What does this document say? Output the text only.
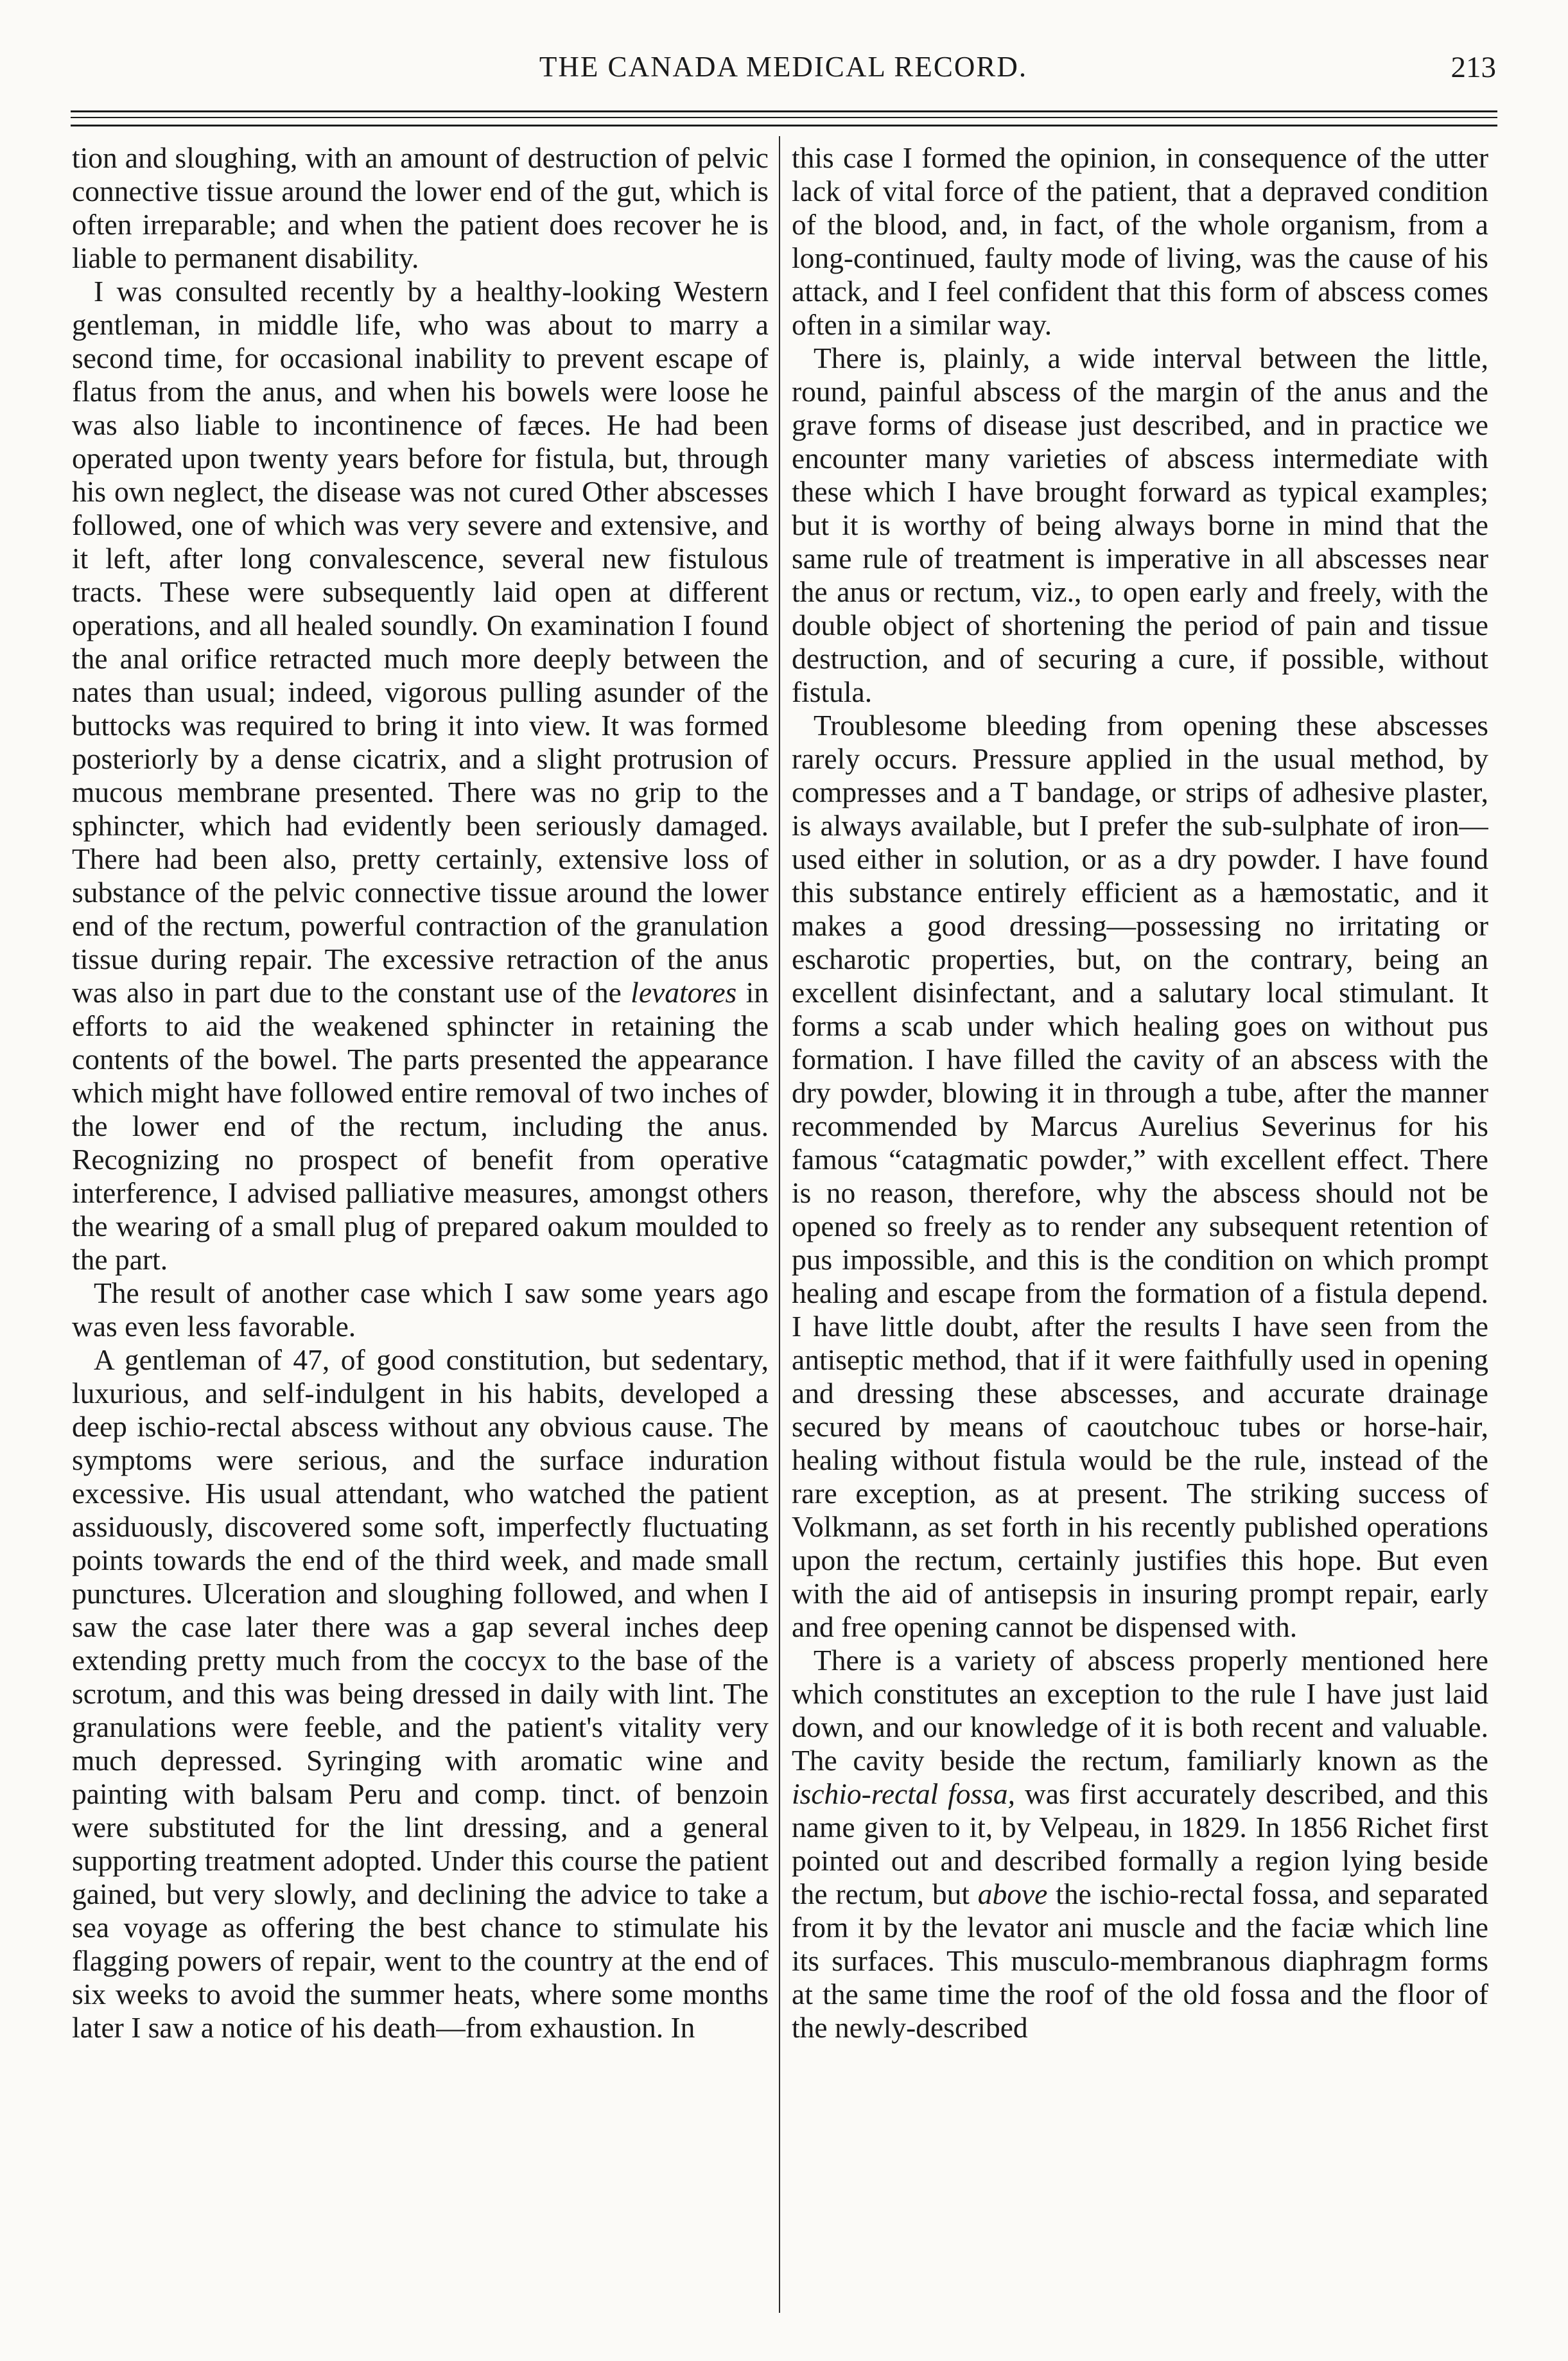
THE CANADA MEDICAL RECORD.	213

tion and sloughing, with an amount of destruction of pelvic connective tissue around the lower end of the gut, which is often irreparable; and when the patient does recover he is liable to permanent disability.

I was consulted recently by a healthy-looking Western gentleman, in middle life, who was about to marry a second time, for occasional inability to prevent escape of flatus from the anus, and when his bowels were loose he was also liable to incontinence of fæces. He had been operated upon twenty years before for fistula, but, through his own neglect, the disease was not cured Other abscesses followed, one of which was very severe and extensive, and it left, after long convalescence, several new fistulous tracts. These were subsequently laid open at different operations, and all healed soundly. On examination I found the anal orifice retracted much more deeply between the nates than usual; indeed, vigorous pulling asunder of the buttocks was required to bring it into view. It was formed posteriorly by a dense cicatrix, and a slight protrusion of mucous membrane presented. There was no grip to the sphincter, which had evidently been seriously damaged. There had been also, pretty certainly, extensive loss of substance of the pelvic connective tissue around the lower end of the rectum, powerful contraction of the granulation tissue during repair. The excessive retraction of the anus was also in part due to the constant use of the levatores in efforts to aid the weakened sphincter in retaining the contents of the bowel. The parts presented the appearance which might have followed entire removal of two inches of the lower end of the rectum, including the anus. Recognizing no prospect of benefit from operative interference, I advised palliative measures, amongst others the wearing of a small plug of prepared oakum moulded to the part.

The result of another case which I saw some years ago was even less favorable.

A gentleman of 47, of good constitution, but sedentary, luxurious, and self-indulgent in his habits, developed a deep ischio-rectal abscess without any obvious cause. The symptoms were serious, and the surface induration excessive. His usual attendant, who watched the patient assiduously, discovered some soft, imperfectly fluctuating points towards the end of the third week, and made small punctures. Ulceration and sloughing followed, and when I saw the case later there was a gap several inches deep extending pretty much from the coccyx to the base of the scrotum, and this was being dressed in daily with lint. The granulations were feeble, and the patient's vitality very much depressed. Syringing with aromatic wine and painting with balsam Peru and comp. tinct. of benzoin were substituted for the lint dressing, and a general supporting treatment adopted. Under this course the patient gained, but very slowly, and declining the advice to take a sea voyage as offering the best chance to stimulate his flagging powers of repair, went to the country at the end of six weeks to avoid the summer heats, where some months later I saw a notice of his death—from exhaustion. In

this case I formed the opinion, in consequence of the utter lack of vital force of the patient, that a depraved condition of the blood, and, in fact, of the whole organism, from a long-continued, faulty mode of living, was the cause of his attack, and I feel confident that this form of abscess comes often in a similar way.

There is, plainly, a wide interval between the little, round, painful abscess of the margin of the anus and the grave forms of disease just described, and in practice we encounter many varieties of abscess intermediate with these which I have brought forward as typical examples; but it is worthy of being always borne in mind that the same rule of treatment is imperative in all abscesses near the anus or rectum, viz., to open early and freely, with the double object of shortening the period of pain and tissue destruction, and of securing a cure, if possible, without fistula.

Troublesome bleeding from opening these abscesses rarely occurs. Pressure applied in the usual method, by compresses and a T bandage, or strips of adhesive plaster, is always available, but I prefer the sub-sulphate of iron—used either in solution, or as a dry powder. I have found this substance entirely efficient as a hæmostatic, and it makes a good dressing—possessing no irritating or escharotic properties, but, on the contrary, being an excellent disinfectant, and a salutary local stimulant. It forms a scab under which healing goes on without pus formation. I have filled the cavity of an abscess with the dry powder, blowing it in through a tube, after the manner recommended by Marcus Aurelius Severinus for his famous “catagmatic powder,” with excellent effect. There is no reason, therefore, why the abscess should not be opened so freely as to render any subsequent retention of pus impossible, and this is the condition on which prompt healing and escape from the formation of a fistula depend. I have little doubt, after the results I have seen from the antiseptic method, that if it were faithfully used in opening and dressing these abscesses, and accurate drainage secured by means of caoutchouc tubes or horse-hair, healing without fistula would be the rule, instead of the rare exception, as at present. The striking success of Volkmann, as set forth in his recently published operations upon the rectum, certainly justifies this hope. But even with the aid of antisepsis in insuring prompt repair, early and free opening cannot be dispensed with.

There is a variety of abscess properly mentioned here which constitutes an exception to the rule I have just laid down, and our knowledge of it is both recent and valuable. The cavity beside the rectum, familiarly known as the ischio-rectal fossa, was first accurately described, and this name given to it, by Velpeau, in 1829. In 1856 Richet first pointed out and described formally a region lying beside the rectum, but above the ischio-rectal fossa, and separated from it by the levator ani muscle and the faciæ which line its surfaces. This musculo-membranous diaphragm forms at the same time the roof of the old fossa and the floor of the newly-described
